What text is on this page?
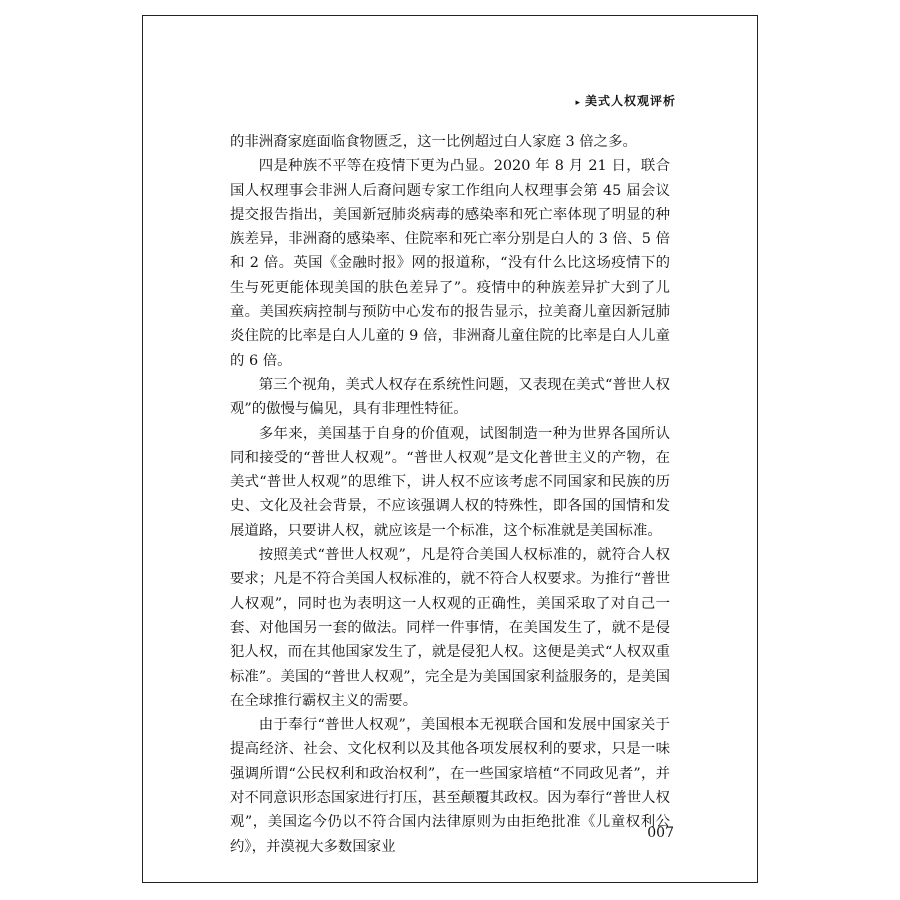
▸ 美式人权观评析

的非洲裔家庭面临食物匮乏，这一比例超过白人家庭 3 倍之多。

四是种族不平等在疫情下更为凸显。2020 年 8 月 21 日，联合国人权理事会非洲人后裔问题专家工作组向人权理事会第 45 届会议提交报告指出，美国新冠肺炎病毒的感染率和死亡率体现了明显的种族差异，非洲裔的感染率、住院率和死亡率分别是白人的 3 倍、5 倍和 2 倍。英国《金融时报》网的报道称，“没有什么比这场疫情下的生与死更能体现美国的肤色差异了”。疫情中的种族差异扩大到了儿童。美国疾病控制与预防中心发布的报告显示，拉美裔儿童因新冠肺炎住院的比率是白人儿童的 9 倍，非洲裔儿童住院的比率是白人儿童的 6 倍。

第三个视角，美式人权存在系统性问题，又表现在美式“普世人权观”的傲慢与偏见，具有非理性特征。

多年来，美国基于自身的价值观，试图制造一种为世界各国所认同和接受的“普世人权观”。“普世人权观”是文化普世主义的产物，在美式“普世人权观”的思维下，讲人权不应该考虑不同国家和民族的历史、文化及社会背景，不应该强调人权的特殊性，即各国的国情和发展道路，只要讲人权，就应该是一个标准，这个标准就是美国标准。

按照美式“普世人权观”，凡是符合美国人权标准的，就符合人权要求；凡是不符合美国人权标准的，就不符合人权要求。为推行“普世人权观”，同时也为表明这一人权观的正确性，美国采取了对自己一套、对他国另一套的做法。同样一件事情，在美国发生了，就不是侵犯人权，而在其他国家发生了，就是侵犯人权。这便是美式“人权双重标准”。美国的“普世人权观”，完全是为美国国家利益服务的，是美国在全球推行霸权主义的需要。

由于奉行“普世人权观”，美国根本无视联合国和发展中国家关于提高经济、社会、文化权利以及其他各项发展权利的要求，只是一味强调所谓“公民权利和政治权利”，在一些国家培植“不同政见者”，并对不同意识形态国家进行打压，甚至颠覆其政权。因为奉行“普世人权观”，美国迄今仍以不符合国内法律原则为由拒绝批准《儿童权利公约》，并漠视大多数国家业

007
